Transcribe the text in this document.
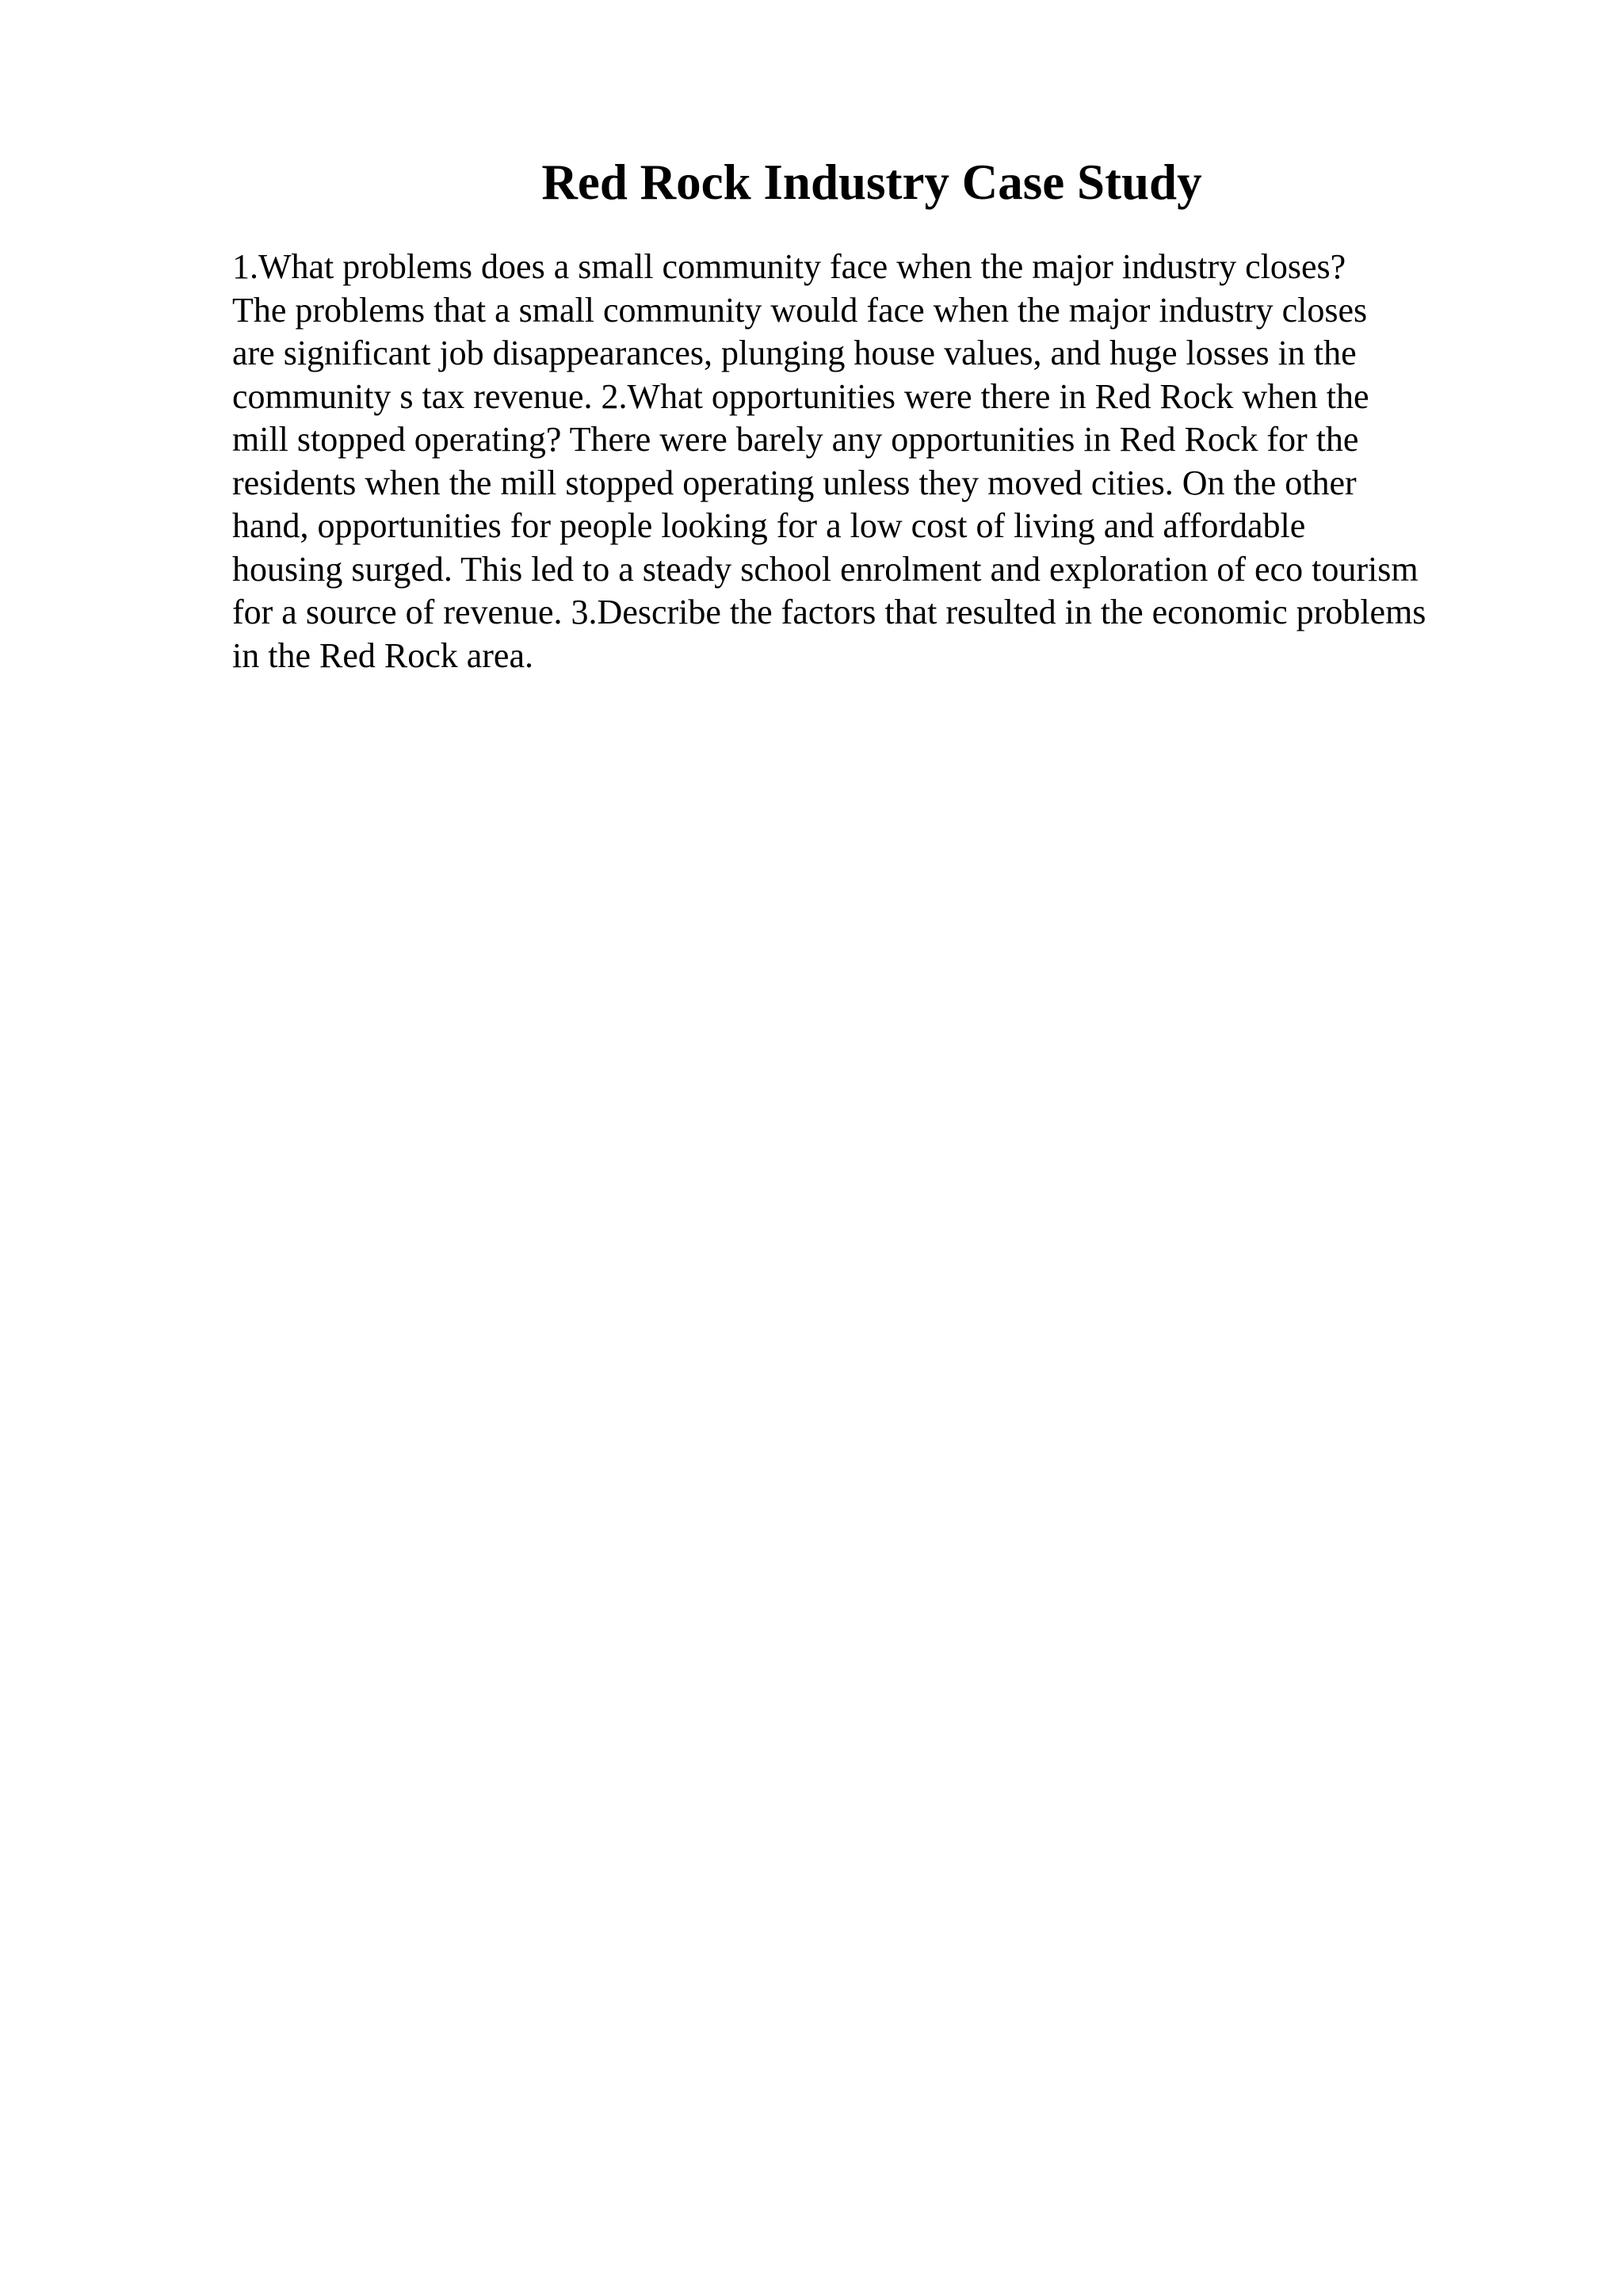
Red Rock Industry Case Study
1.What problems does a small community face when the major industry closes?
The problems that a small community would face when the major industry closes
are significant job disappearances, plunging house values, and huge losses in the
community s tax revenue. 2.What opportunities were there in Red Rock when the
mill stopped operating? There were barely any opportunities in Red Rock for the
residents when the mill stopped operating unless they moved cities. On the other
hand, opportunities for people looking for a low cost of living and affordable
housing surged. This led to a steady school enrolment and exploration of eco tourism
for a source of revenue. 3.Describe the factors that resulted in the economic problems
in the Red Rock area.
